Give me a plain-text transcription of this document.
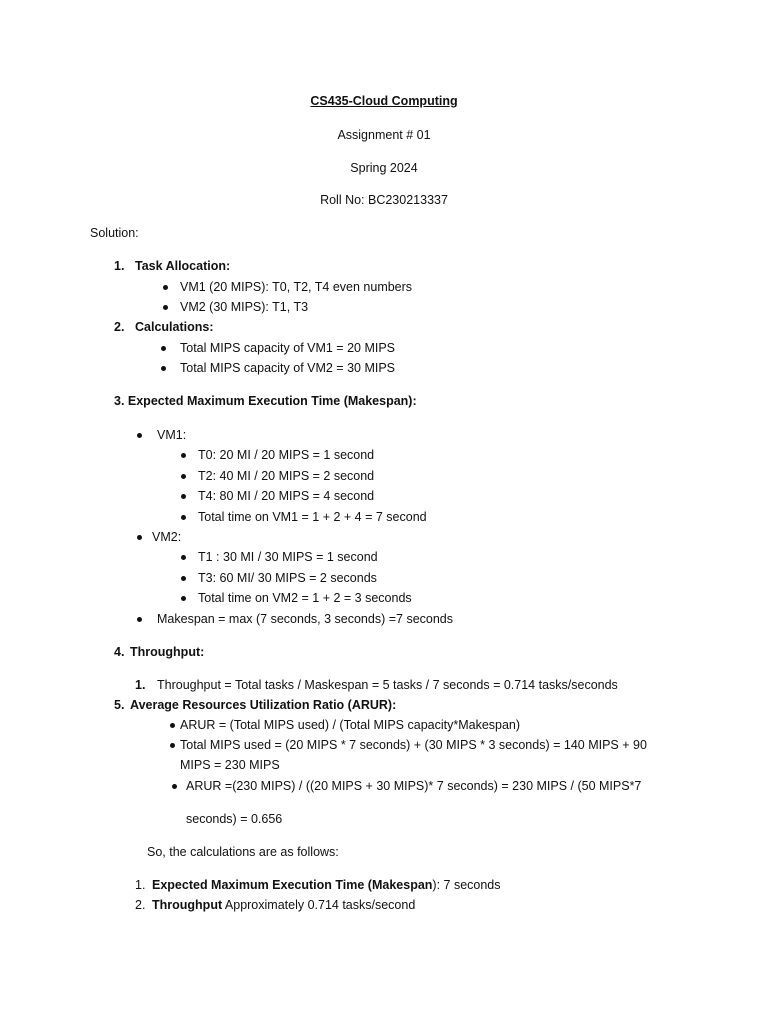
CS435-Cloud Computing
Assignment # 01
Spring 2024
Roll No: BC230213337
Solution:
1. Task Allocation:
VM1 (20 MIPS): T0, T2, T4 even numbers
VM2 (30 MIPS): T1, T3
2. Calculations:
Total MIPS capacity of VM1 = 20 MIPS
Total MIPS capacity of VM2 = 30 MIPS
3. Expected Maximum Execution Time (Makespan):
VM1:
T0: 20 MI / 20 MIPS = 1 second
T2: 40 MI / 20 MIPS = 2 second
T4: 80 MI / 20 MIPS = 4 second
Total time on VM1 = 1 + 2 + 4 = 7 second
VM2:
T1 : 30 MI / 30 MIPS = 1 second
T3: 60 MI/ 30 MIPS = 2 seconds
Total time on VM2 = 1 + 2 = 3 seconds
Makespan = max (7 seconds, 3 seconds) =7 seconds
4. Throughput:
1. Throughput = Total tasks / Maskespan = 5 tasks / 7 seconds = 0.714 tasks/seconds
5. Average Resources Utilization Ratio (ARUR):
ARUR = (Total MIPS used) / (Total MIPS capacity*Makespan)
Total MIPS used = (20 MIPS * 7 seconds) + (30 MIPS * 3 seconds) = 140 MIPS + 90
MIPS = 230 MIPS
ARUR =(230 MIPS) / ((20 MIPS + 30 MIPS)* 7 seconds) = 230 MIPS / (50 MIPS*7
seconds) = 0.656
So, the calculations are as follows:
1. Expected Maximum Execution Time (Makespan): 7 seconds
2. Throughput Approximately 0.714 tasks/second
